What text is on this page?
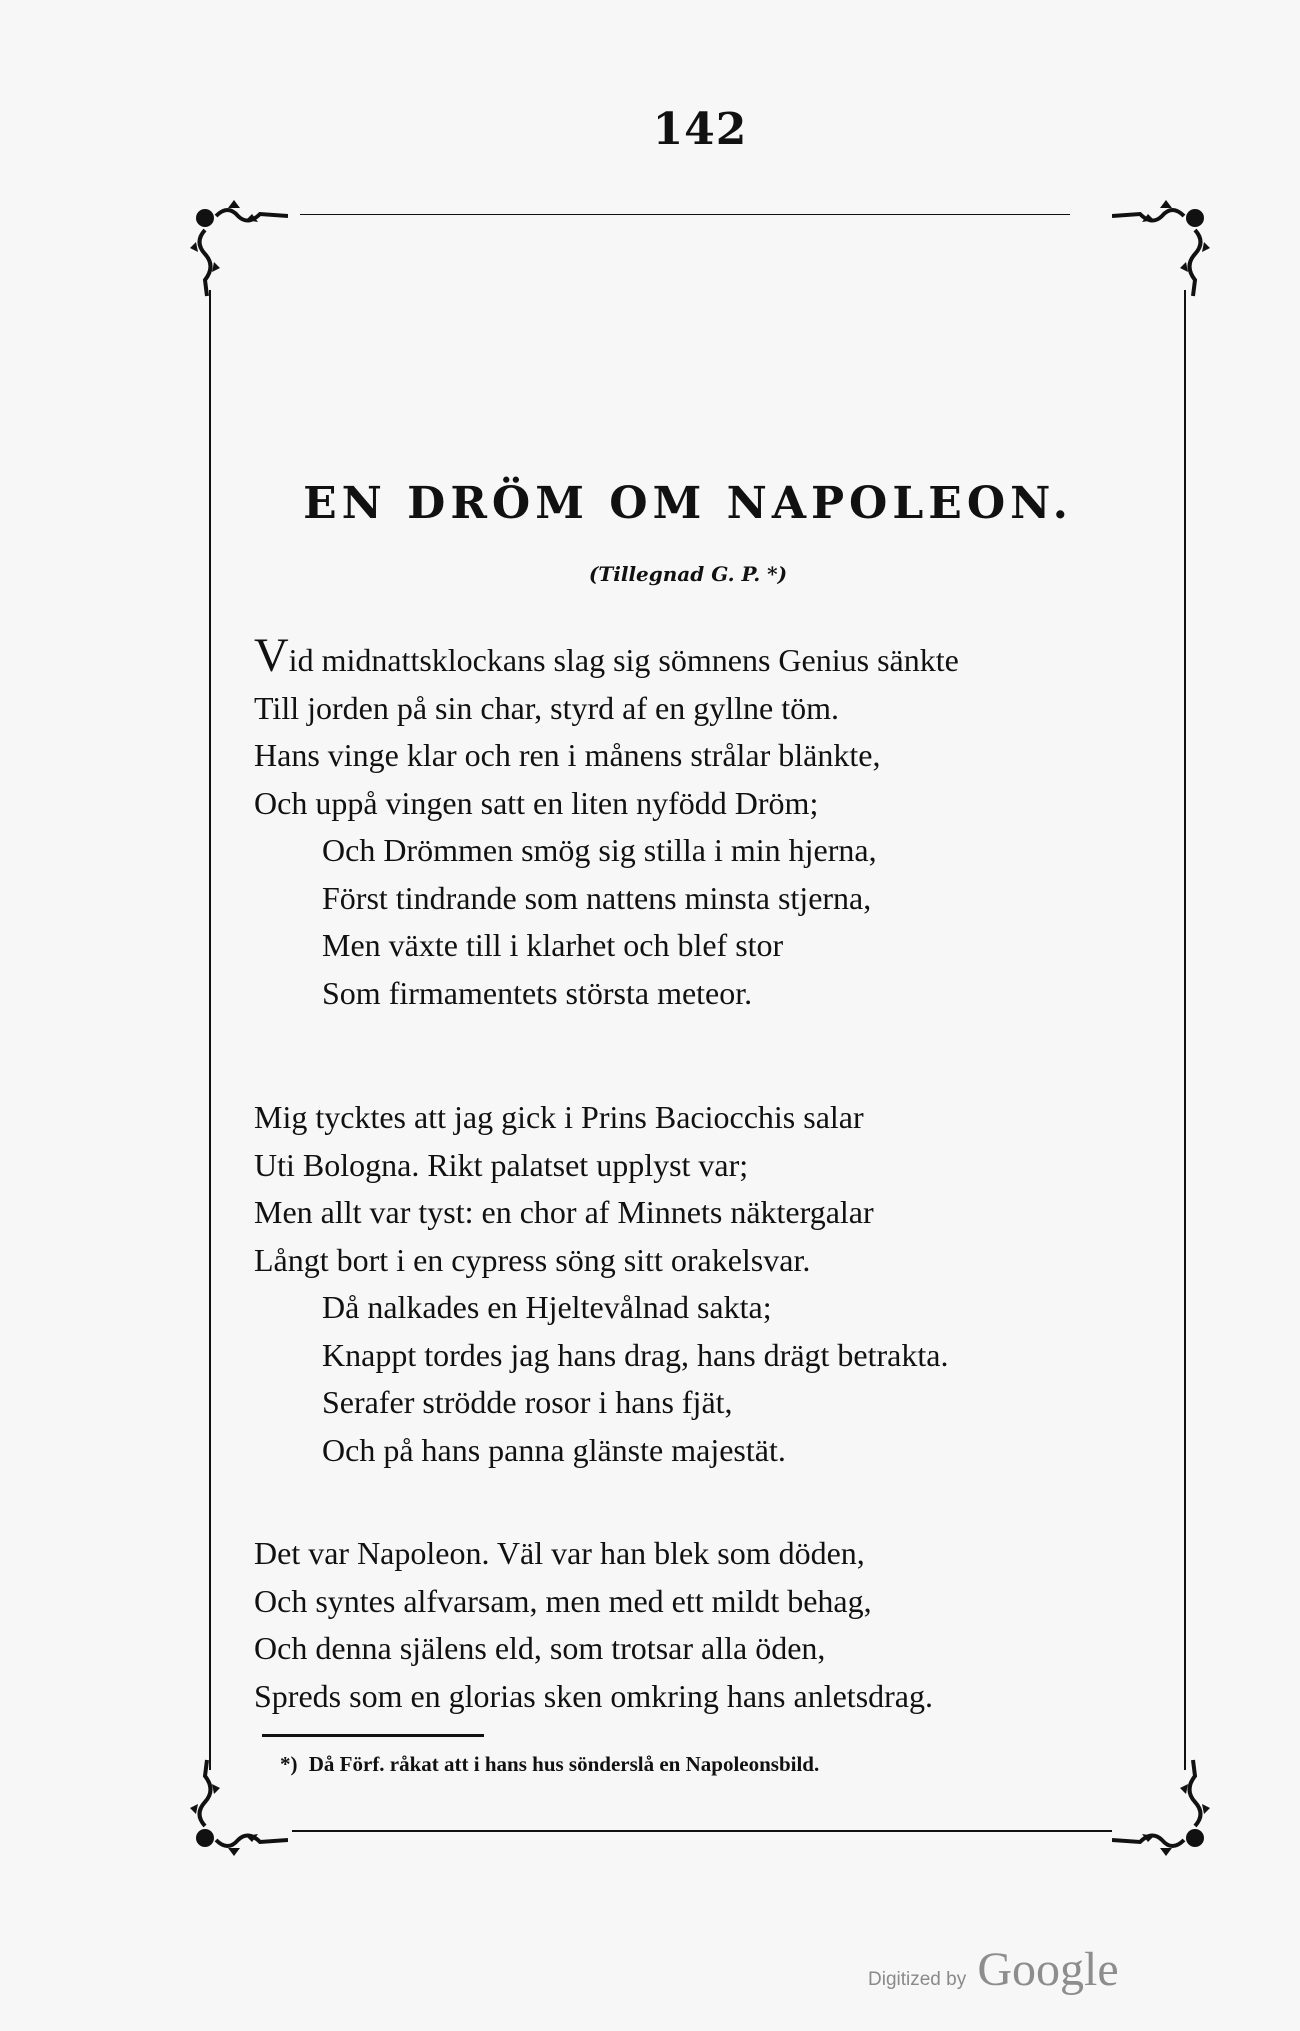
142
EN DRÖM OM NAPOLEON.
(Tillegnad G. P. *)
Vid midnattsklockans slag sig sömnens Genius sänkte
Till jorden på sin char, styrd af en gyllne töm.
Hans vinge klar och ren i månens strålar blänkte,
Och uppå vingen satt en liten nyfödd Dröm;
Och Drömmen smög sig stilla i min hjerna,
Först tindrande som nattens minsta stjerna,
Men växte till i klarhet och blef stor
Som firmamentets största meteor.
Mig tycktes att jag gick i Prins Baciocchis salar
Uti Bologna. Rikt palatset upplyst var;
Men allt var tyst: en chor af Minnets näktergalar
Långt bort i en cypress söng sitt orakelsvar.
Då nalkades en Hjeltevålnad sakta;
Knappt tordes jag hans drag, hans drägt betrakta.
Serafer strödde rosor i hans fjät,
Och på hans panna glänste majestät.
Det var Napoleon. Väl var han blek som döden,
Och syntes alfvarsam, men med ett mildt behag,
Och denna själens eld, som trotsar alla öden,
Spreds som en glorias sken omkring hans anletsdrag.
*) Då Förf. råkat att i hans hus sönderslå en Napoleonsbild.
Digitized by Google
